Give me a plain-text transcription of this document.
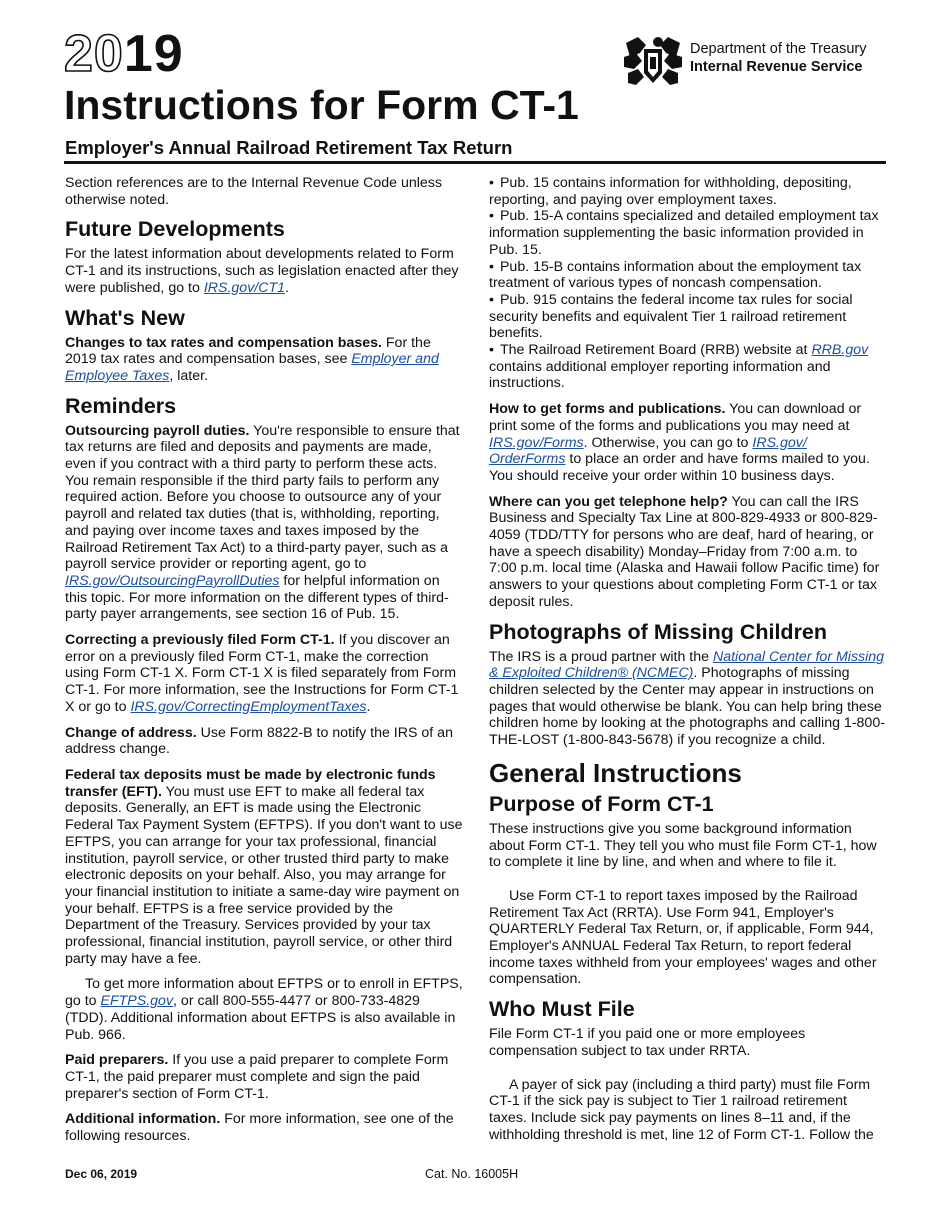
2019
Instructions for Form CT-1
Employer's Annual Railroad Retirement Tax Return
Department of the Treasury
Internal Revenue Service

Section references are to the Internal Revenue Code unless otherwise noted.

Future Developments

For the latest information about developments related to Form CT-1 and its instructions, such as legislation enacted after they were published, go to IRS.gov/CT1.

What's New

Changes to tax rates and compensation bases. For the 2019 tax rates and compensation bases, see Employer and Employee Taxes, later.

Reminders

Outsourcing payroll duties. You're responsible to ensure that tax returns are filed and deposits and payments are made, even if you contract with a third party to perform these acts. You remain responsible if the third party fails to perform any required action. Before you choose to outsource any of your payroll and related tax duties (that is, withholding, reporting, and paying over income taxes and taxes imposed by the Railroad Retirement Tax Act) to a third-party payer, such as a payroll service provider or reporting agent, go to IRS.gov/OutsourcingPayrollDuties for helpful information on this topic. For more information on the different types of third-party payer arrangements, see section 16 of Pub. 15.

Correcting a previously filed Form CT-1. If you discover an error on a previously filed Form CT-1, make the correction using Form CT-1 X. Form CT-1 X is filed separately from Form CT-1. For more information, see the Instructions for Form CT-1 X or go to IRS.gov/CorrectingEmploymentTaxes.

Change of address. Use Form 8822-B to notify the IRS of an address change.

Federal tax deposits must be made by electronic funds transfer (EFT). You must use EFT to make all federal tax deposits. Generally, an EFT is made using the Electronic Federal Tax Payment System (EFTPS). If you don't want to use EFTPS, you can arrange for your tax professional, financial institution, payroll service, or other trusted third party to make electronic deposits on your behalf. Also, you may arrange for your financial institution to initiate a same-day wire payment on your behalf. EFTPS is a free service provided by the Department of the Treasury. Services provided by your tax professional, financial institution, payroll service, or other third party may have a fee.

To get more information about EFTPS or to enroll in EFTPS, go to EFTPS.gov, or call 800-555-4477 or 800-733-4829 (TDD). Additional information about EFTPS is also available in Pub. 966.

Paid preparers. If you use a paid preparer to complete Form CT-1, the paid preparer must complete and sign the paid preparer's section of Form CT-1.

Additional information. For more information, see one of the following resources.

• Pub. 15 contains information for withholding, depositing, reporting, and paying over employment taxes.
• Pub. 15-A contains specialized and detailed employment tax information supplementing the basic information provided in Pub. 15.
• Pub. 15-B contains information about the employment tax treatment of various types of noncash compensation.
• Pub. 915 contains the federal income tax rules for social security benefits and equivalent Tier 1 railroad retirement benefits.
• The Railroad Retirement Board (RRB) website at RRB.gov contains additional employer reporting information and instructions.

How to get forms and publications. You can download or print some of the forms and publications you may need at IRS.gov/Forms. Otherwise, you can go to IRS.gov/ OrderForms to place an order and have forms mailed to you. You should receive your order within 10 business days.

Where can you get telephone help? You can call the IRS Business and Specialty Tax Line at 800-829-4933 or 800-829-4059 (TDD/TTY for persons who are deaf, hard of hearing, or have a speech disability) Monday–Friday from 7:00 a.m. to 7:00 p.m. local time (Alaska and Hawaii follow Pacific time) for answers to your questions about completing Form CT-1 or tax deposit rules.

Photographs of Missing Children

The IRS is a proud partner with the National Center for Missing & Exploited Children® (NCMEC). Photographs of missing children selected by the Center may appear in instructions on pages that would otherwise be blank. You can help bring these children home by looking at the photographs and calling 1-800-THE-LOST (1-800-843-5678) if you recognize a child.

General Instructions
Purpose of Form CT-1

These instructions give you some background information about Form CT-1. They tell you who must file Form CT-1, how to complete it line by line, and when and where to file it.

Use Form CT-1 to report taxes imposed by the Railroad Retirement Tax Act (RRTA). Use Form 941, Employer's QUARTERLY Federal Tax Return, or, if applicable, Form 944, Employer's ANNUAL Federal Tax Return, to report federal income taxes withheld from your employees' wages and other compensation.

Who Must File

File Form CT-1 if you paid one or more employees compensation subject to tax under RRTA.

A payer of sick pay (including a third party) must file Form CT-1 if the sick pay is subject to Tier 1 railroad retirement taxes. Include sick pay payments on lines 8–11 and, if the withholding threshold is met, line 12 of Form CT-1. Follow the

Dec 06, 2019	Cat. No. 16005H
